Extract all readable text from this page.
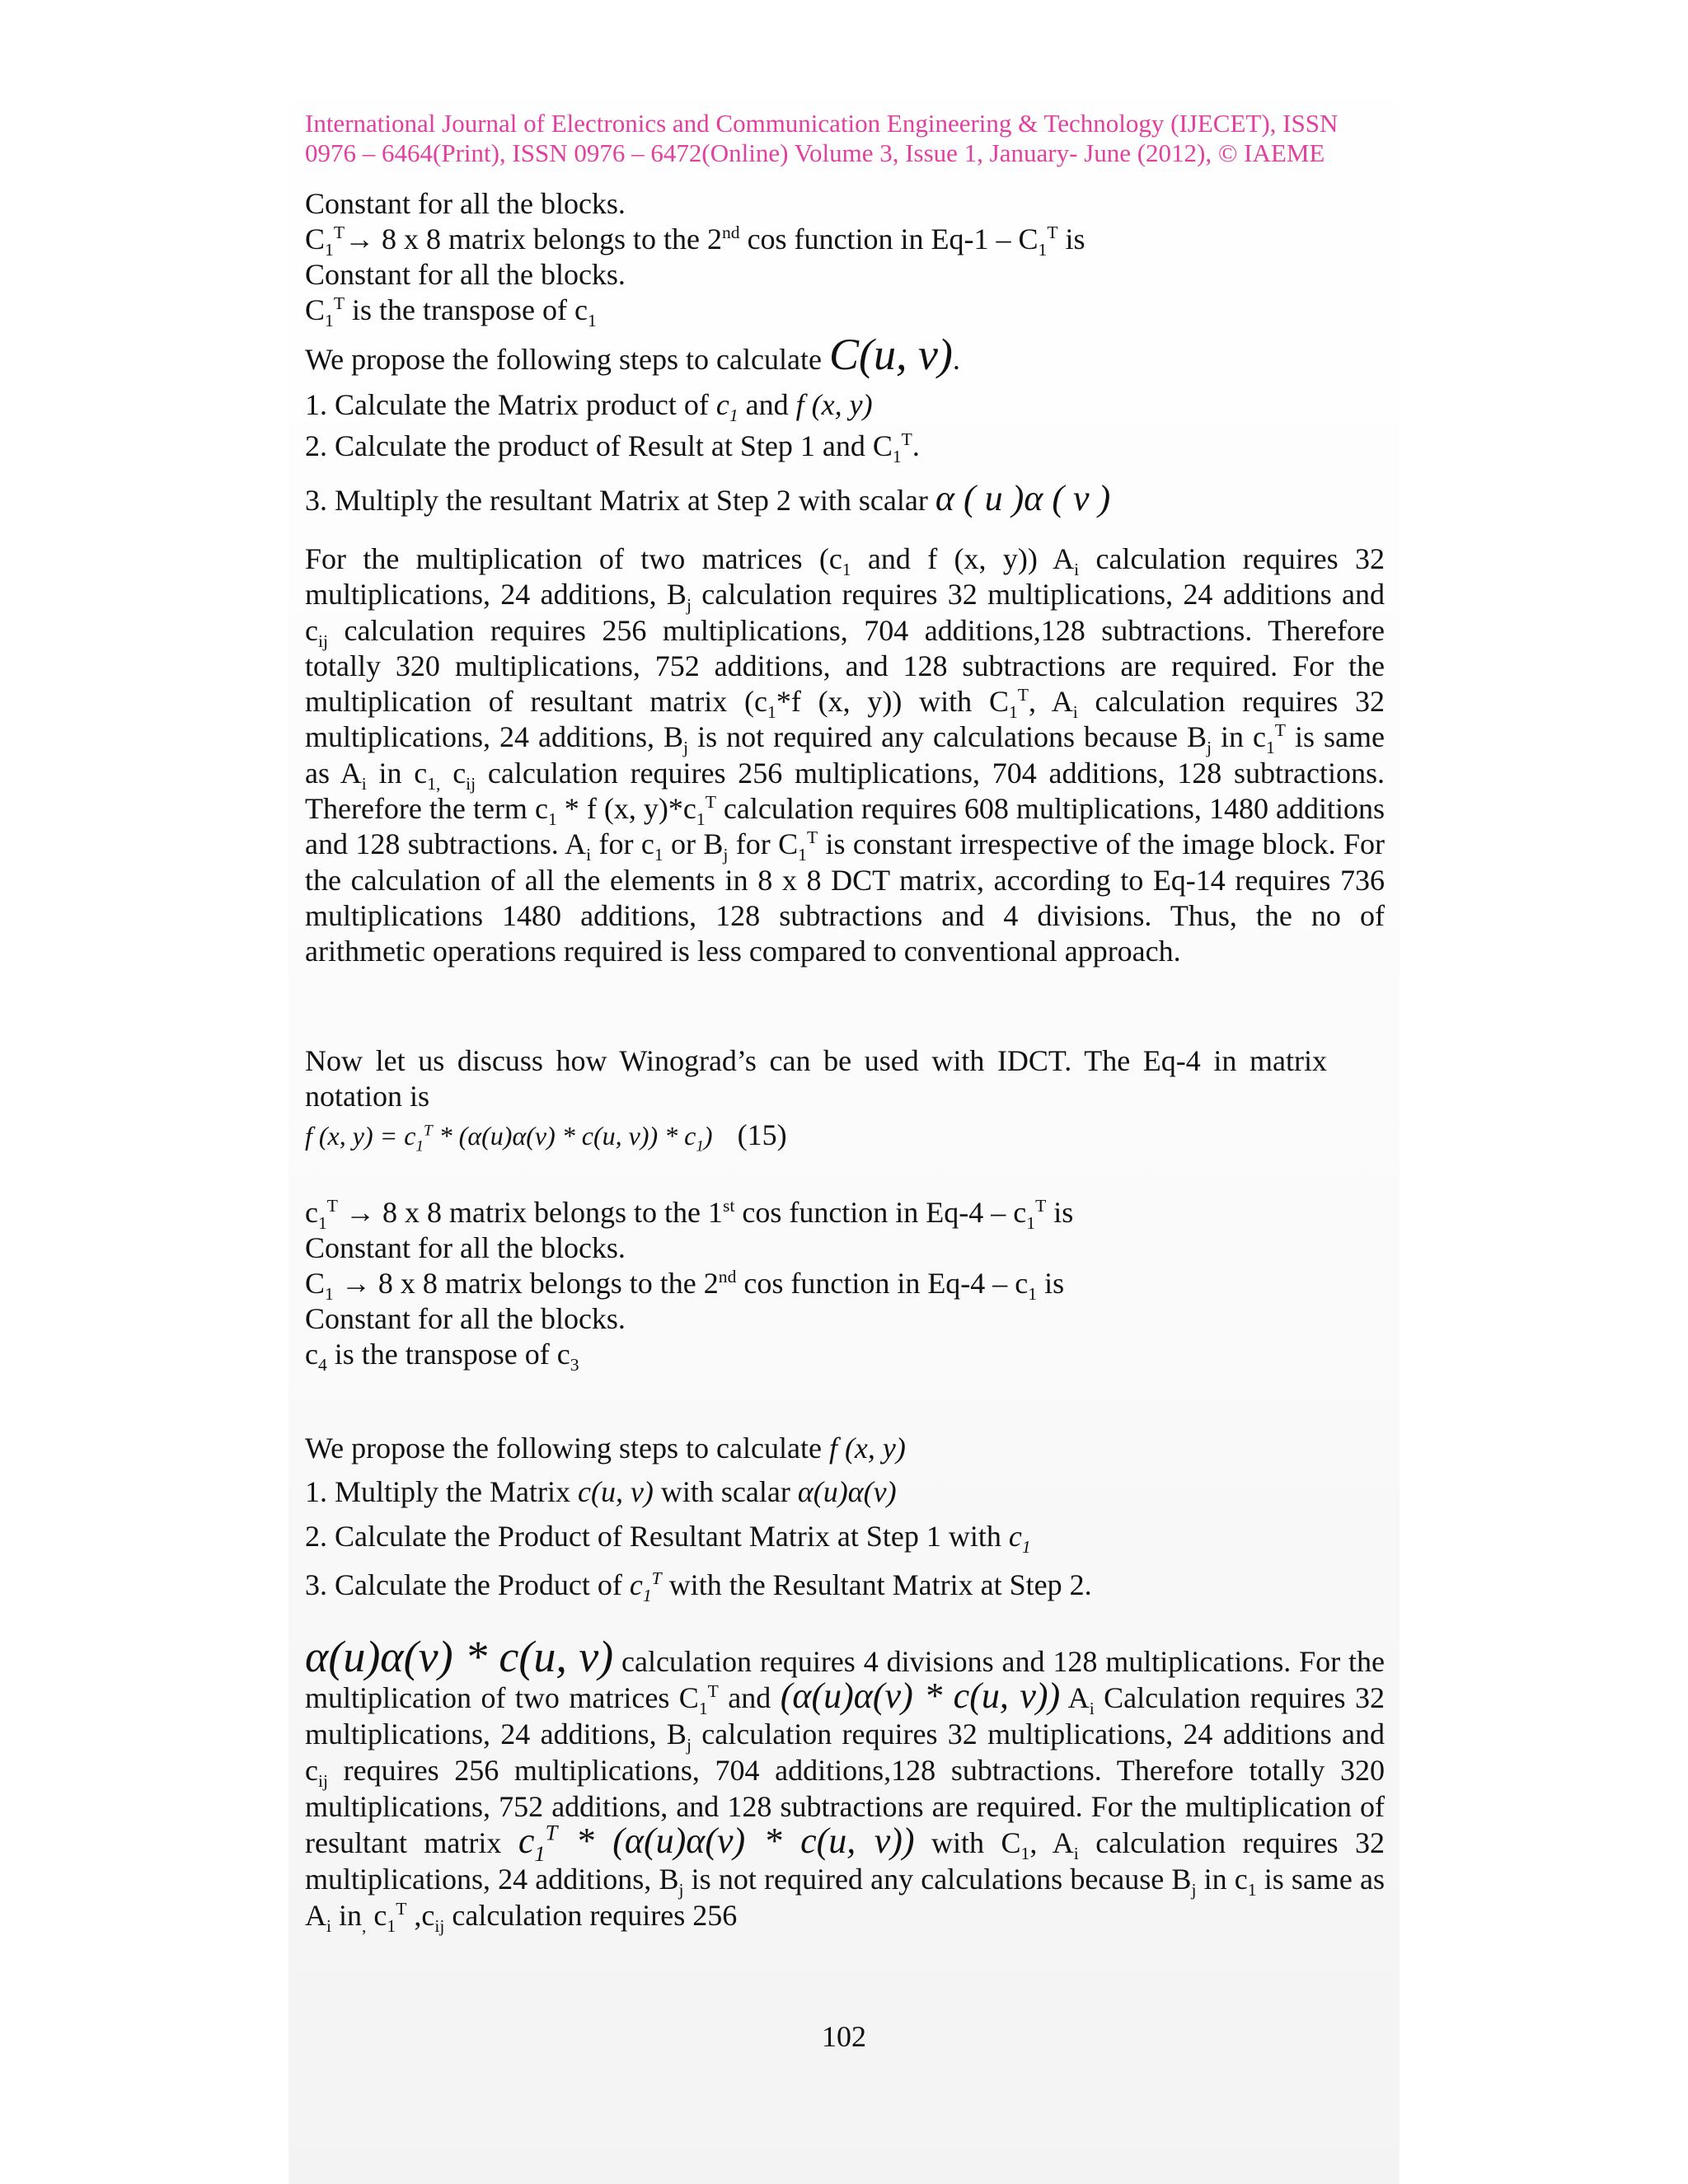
International Journal of Electronics and Communication Engineering & Technology (IJECET), ISSN
0976 – 6464(Print), ISSN 0976 – 6472(Online) Volume 3, Issue 1, January- June (2012), © IAEME
Constant for all the blocks.
$C_1^T\to 8$ x 8 matrix belongs to the 2nd cos function in $Eq-1 - C_1^T$ is
Constant for all the blocks.
$C_1^T$ is the transpose of $c_1$
We propose the following steps to calculate C(u, v).
1. Calculate the Matrix product of $c_1$ and f (x, y)
2. Calculate the product of Result at Step 1 and $C_1^T$.
3. Multiply the resultant Matrix at Step 2 with scalar α ( u )α ( v )
For the multiplication of two matrices ($c_1$ and f (x, y)) $A_i$ calculation requires 32 multiplications, 24 additions, $B_j$ calculation requires 32 multiplications, 24 additions and $c_{ij}$ calculation requires 256 multiplications, 704 additions,128 subtractions. Therefore totally 320 multiplications, 752 additions, and 128 subtractions are required. For the multiplication of resultant matrix ($c_1*f$ (x, y)) with $C_1^T$, $A_i$ calculation requires 32 multiplications, 24 additions, $B_j$ is not required any calculations because $B_j$ in $c_1^T$ is same as $A_i$ in $c_{1,}$ $c_{ij}$ calculation requires 256 multiplications, 704 additions, 128 subtractions. Therefore the term $c_1$ * f (x, $y)*c_1^T$ calculation requires 608 multiplications, 1480 additions and 128 subtractions. $A_i$ for $c_1$ or $B_j$ for $C_1^T$ is constant irrespective of the image block. For the calculation of all the elements in 8 x 8 DCT matrix, according to Eq-14 requires 736 multiplications 1480 additions, 128 subtractions and 4 divisions. Thus, the no of arithmetic operations required is less compared to conventional approach.
Now let us discuss how Winograd’s can be used with IDCT. The Eq-4 in matrix notation is
f (x, $y) = c_1^T * (\alpha(u)\alpha(v) * c(u$, $v)) * c_1$) (15)
$c_1^T \to 8$ x 8 matrix belongs to the 1st cos function in $Eq-4 - c_1^T$ is
Constant for all the blocks.
$C_1 \to 8$ x 8 matrix belongs to the 2nd cos function in $Eq-4 - c_1$ is
Constant for all the blocks.
$c_4$ is the transpose of $c_3$
We propose the following steps to calculate f (x, y)
1. Multiply the Matrix c(u, v) with scalar α(u)α(v)
2. Calculate the Product of Resultant Matrix at Step 1 with $c_1$
3. Calculate the Product of $c_1^T$ with the Resultant Matrix at Step 2.
α(u)α(v) * c(u, v) calculation requires 4 divisions and 128 multiplications. For the multiplication of two matrices $C_1^T$ and (α(u)α(v) * c(u, v)) $A_i$ Calculation requires 32 multiplications, 24 additions, $B_j$ calculation requires 32 multiplications, 24 additions and $c_{ij}$ requires 256 multiplications, 704 additions,128 subtractions. Therefore totally 320 multiplications, 752 additions, and 128 subtractions are required. For the multiplication of resultant matrix $c_1^T * (\alpha(u)\alpha(v) * c(u$, v)) with $C_1$, $A_i$ calculation requires 32 multiplications, 24 additions, $B_j$ is not required any calculations because $B_j$ in $c_1$ is same as $A_i$ $in_,$ $c_1^T$ $,c_{ij}$ calculation requires 256
102
